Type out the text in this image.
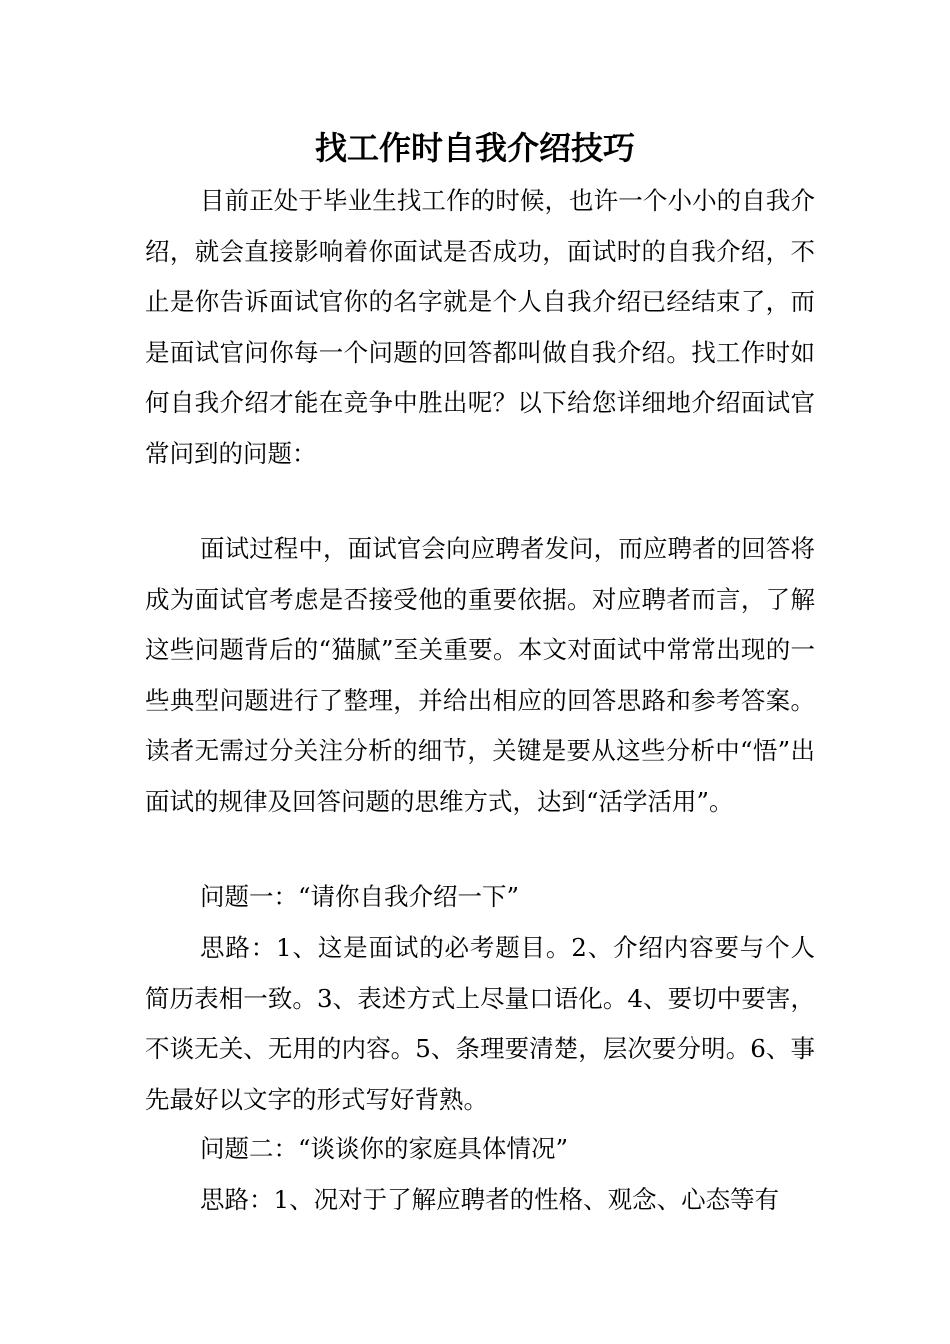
找工作时自我介绍技巧

目前正处于毕业生找工作的时候，也许一个小小的自我介绍，就会直接影响着你面试是否成功，面试时的自我介绍，不止是你告诉面试官你的名字就是个人自我介绍已经结束了，而是面试官问你每一个问题的回答都叫做自我介绍。找工作时如何自我介绍才能在竞争中胜出呢？以下给您详细地介绍面试官常问到的问题：

面试过程中，面试官会向应聘者发问，而应聘者的回答将成为面试官考虑是否接受他的重要依据。对应聘者而言，了解这些问题背后的“猫腻”至关重要。本文对面试中常常出现的一些典型问题进行了整理，并给出相应的回答思路和参考答案。读者无需过分关注分析的细节，关键是要从这些分析中“悟”出面试的规律及回答问题的思维方式，达到“活学活用”。

问题一：“请你自我介绍一下”

思路：1、这是面试的必考题目。2、介绍内容要与个人简历表相一致。3、表述方式上尽量口语化。4、要切中要害，不谈无关、无用的内容。5、条理要清楚，层次要分明。6、事先最好以文字的形式写好背熟。

问题二：“谈谈你的家庭具体情况”

思路：1、况对于了解应聘者的性格、观念、心态等有
